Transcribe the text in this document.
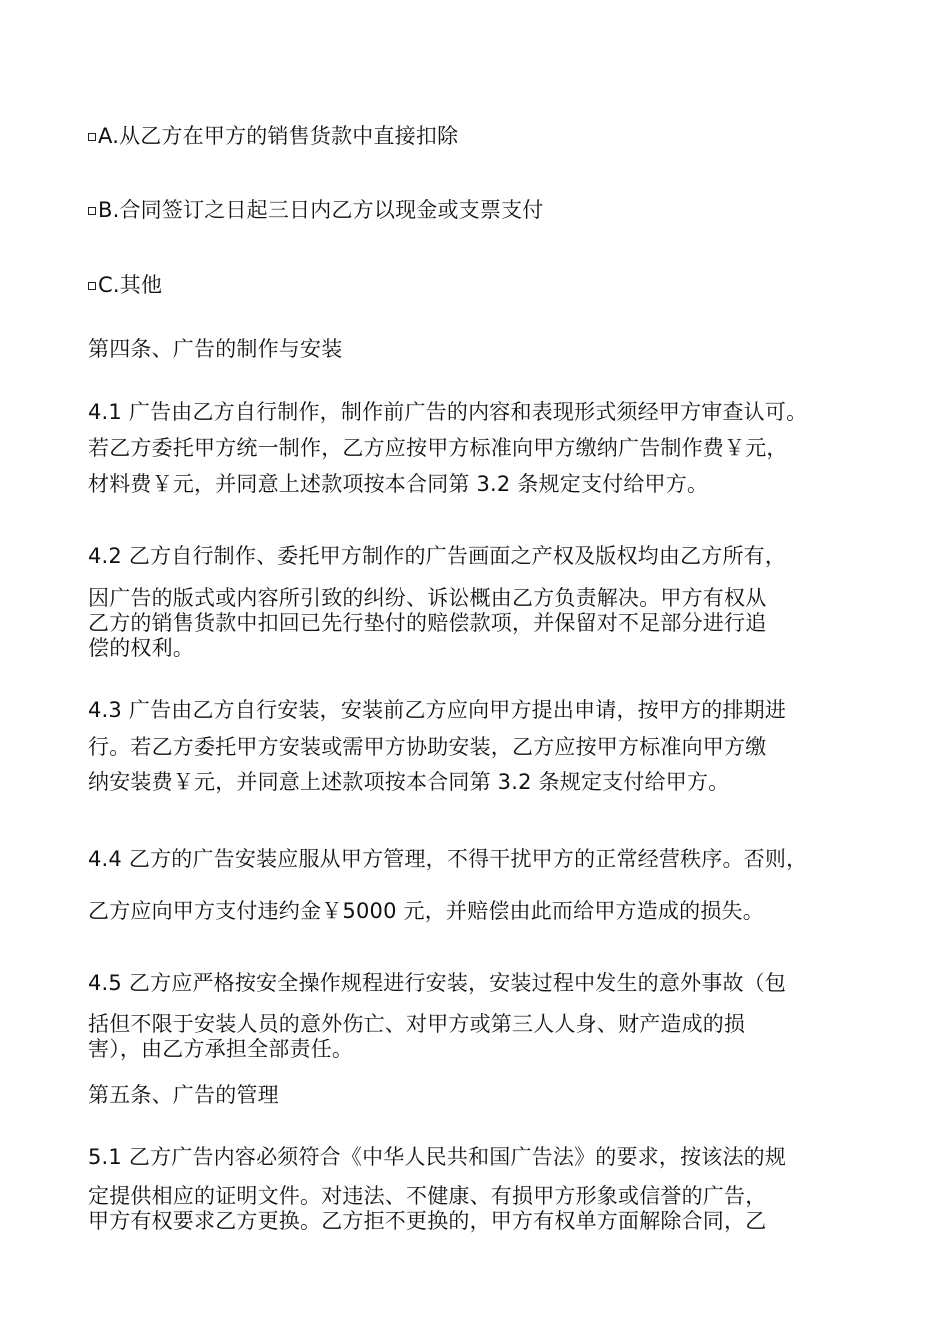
A.从乙方在甲方的销售货款中直接扣除
B.合同签订之日起三日内乙方以现金或支票支付
C.其他
第四条、广告的制作与安装
4.1 广告由乙方自行制作，制作前广告的内容和表现形式须经甲方审查认可。
若乙方委托甲方统一制作，乙方应按甲方标准向甲方缴纳广告制作费￥元，
材料费￥元，并同意上述款项按本合同第 3.2 条规定支付给甲方。
4.2 乙方自行制作、委托甲方制作的广告画面之产权及版权均由乙方所有，
因广告的版式或内容所引致的纠纷、诉讼概由乙方负责解决。甲方有权从
乙方的销售货款中扣回已先行垫付的赔偿款项，并保留对不足部分进行追
偿的权利。
4.3 广告由乙方自行安装，安装前乙方应向甲方提出申请，按甲方的排期进
行。若乙方委托甲方安装或需甲方协助安装，乙方应按甲方标准向甲方缴
纳安装费￥元，并同意上述款项按本合同第 3.2 条规定支付给甲方。
4.4 乙方的广告安装应服从甲方管理，不得干扰甲方的正常经营秩序。否则，
乙方应向甲方支付违约金￥5000 元，并赔偿由此而给甲方造成的损失。
4.5 乙方应严格按安全操作规程进行安装，安装过程中发生的意外事故（包
括但不限于安装人员的意外伤亡、对甲方或第三人人身、财产造成的损
害），由乙方承担全部责任。
第五条、广告的管理
5.1 乙方广告内容必须符合《中华人民共和国广告法》的要求，按该法的规
定提供相应的证明文件。对违法、不健康、有损甲方形象或信誉的广告，
甲方有权要求乙方更换。乙方拒不更换的，甲方有权单方面解除合同，乙
